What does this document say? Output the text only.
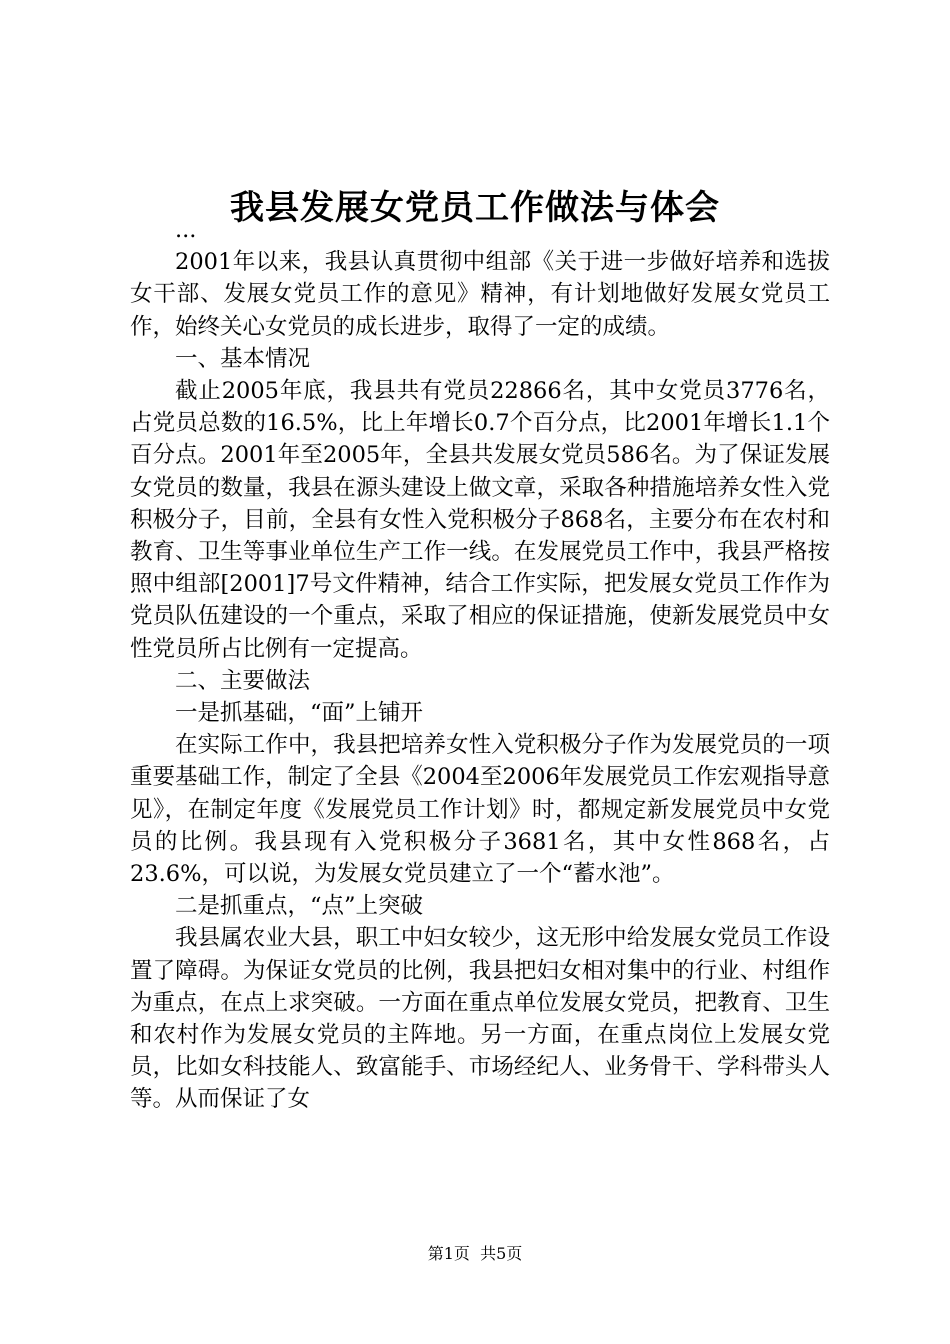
我县发展女党员工作做法与体会

...

2001年以来，我县认真贯彻中组部《关于进一步做好培养和选拔女干部、发展女党员工作的意见》精神，有计划地做好发展女党员工作，始终关心女党员的成长进步，取得了一定的成绩。

一、基本情况

截止2005年底，我县共有党员22866名，其中女党员3776名，占党员总数的16.5%，比上年增长0.7个百分点，比2001年增长1.1个百分点。2001年至2005年，全县共发展女党员586名。为了保证发展女党员的数量，我县在源头建设上做文章，采取各种措施培养女性入党积极分子，目前，全县有女性入党积极分子868名，主要分布在农村和教育、卫生等事业单位生产工作一线。在发展党员工作中，我县严格按照中组部[2001]7号文件精神，结合工作实际，把发展女党员工作作为党员队伍建设的一个重点，采取了相应的保证措施，使新发展党员中女性党员所占比例有一定提高。

二、主要做法

一是抓基础，“面”上铺开

在实际工作中，我县把培养女性入党积极分子作为发展党员的一项重要基础工作，制定了全县《2004至2006年发展党员工作宏观指导意见》，在制定年度《发展党员工作计划》时，都规定新发展党员中女党员的比例。我县现有入党积极分子3681名，其中女性868名，占23.6%，可以说，为发展女党员建立了一个“蓄水池”。

二是抓重点，“点”上突破

我县属农业大县，职工中妇女较少，这无形中给发展女党员工作设置了障碍。为保证女党员的比例，我县把妇女相对集中的行业、村组作为重点，在点上求突破。一方面在重点单位发展女党员，把教育、卫生和农村作为发展女党员的主阵地。另一方面，在重点岗位上发展女党员，比如女科技能人、致富能手、市场经纪人、业务骨干、学科带头人等。从而保证了女

第1页 共5页
